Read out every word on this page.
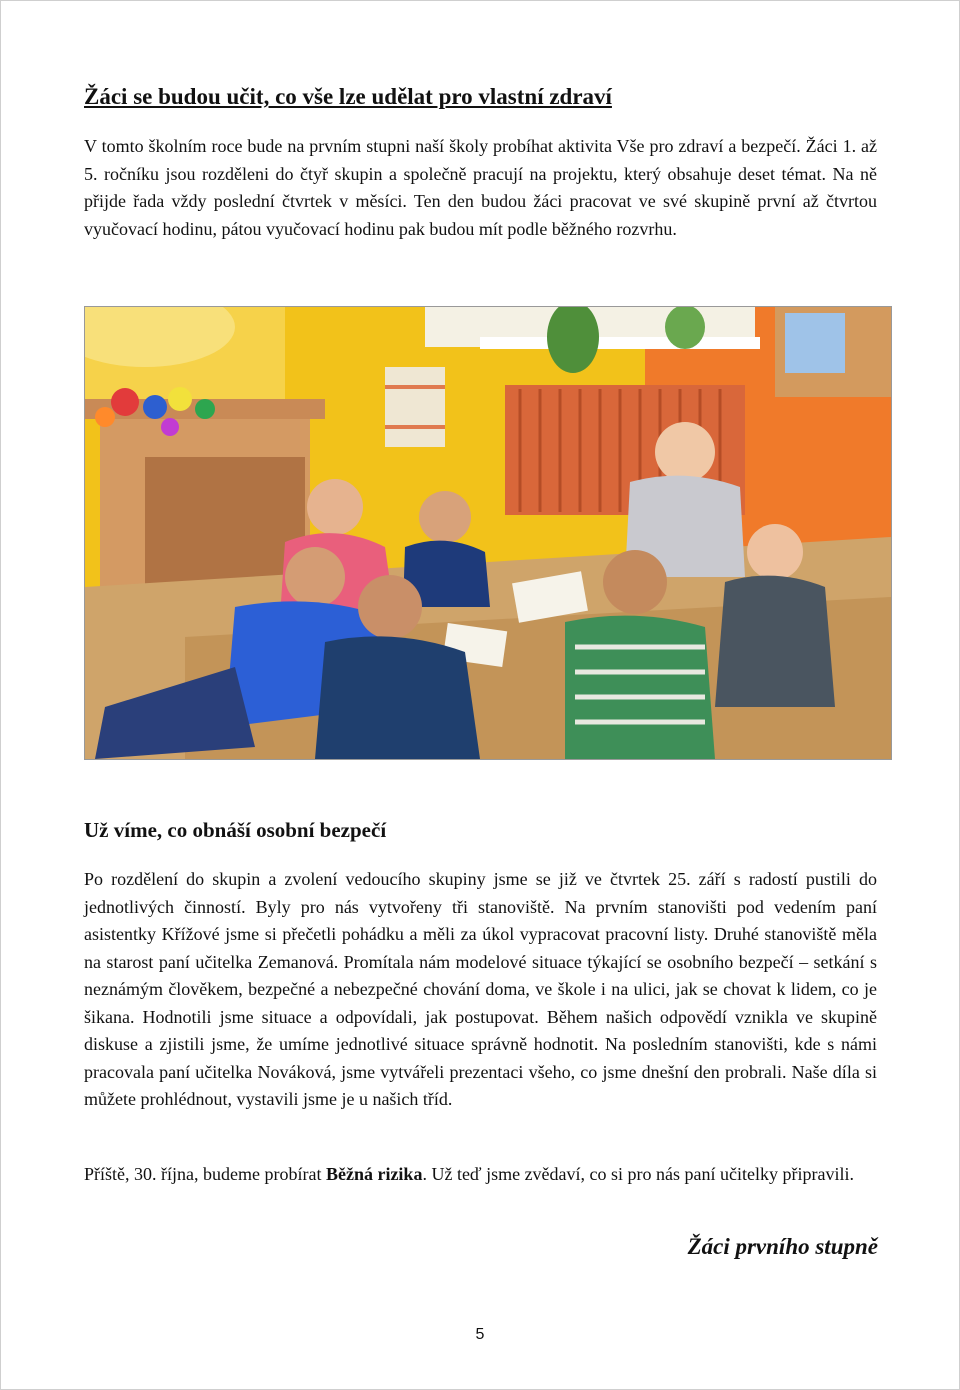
Žáci se budou učit, co vše lze udělat pro vlastní zdraví

V tomto školním roce bude na prvním stupni naší školy probíhat aktivita Vše pro zdraví a bezpečí. Žáci 1. až 5. ročníku jsou rozděleni do čtyř skupin a společně pracují na projektu, který obsahuje deset témat. Na ně přijde řada vždy poslední čtvrtek v měsíci. Ten den budou žáci pracovat ve své skupině první až čtvrtou vyučovací hodinu, pátou vyučovací hodinu pak budou mít podle běžného rozvrhu.

Už víme, co obnáší osobní bezpečí

Po rozdělení do skupin a zvolení vedoucího skupiny jsme se již ve čtvrtek 25. září s radostí pustili do jednotlivých činností. Byly pro nás vytvořeny tři stanoviště. Na prvním stanovišti pod vedením paní asistentky Křížové jsme si přečetli pohádku a měli za úkol vypracovat pracovní listy. Druhé stanoviště měla na starost paní učitelka Zemanová. Promítala nám modelové situace týkající se osobního bezpečí – setkání s neznámým člověkem, bezpečné a nebezpečné chování doma, ve škole i na ulici, jak se chovat k lidem, co je šikana. Hodnotili jsme situace a odpovídali, jak postupovat. Během našich odpovědí vznikla ve skupině diskuse a zjistili jsme, že umíme jednotlivé situace správně hodnotit. Na posledním stanovišti, kde s námi pracovala paní učitelka Nováková, jsme vytvářeli prezentaci všeho, co jsme dnešní den probrali. Naše díla si můžete prohlédnout, vystavili jsme je u našich tříd.

Příště, 30. října, budeme probírat Běžná rizika. Už teď jsme zvědaví, co si pro nás paní učitelky připravili.

Žáci prvního stupně

5
